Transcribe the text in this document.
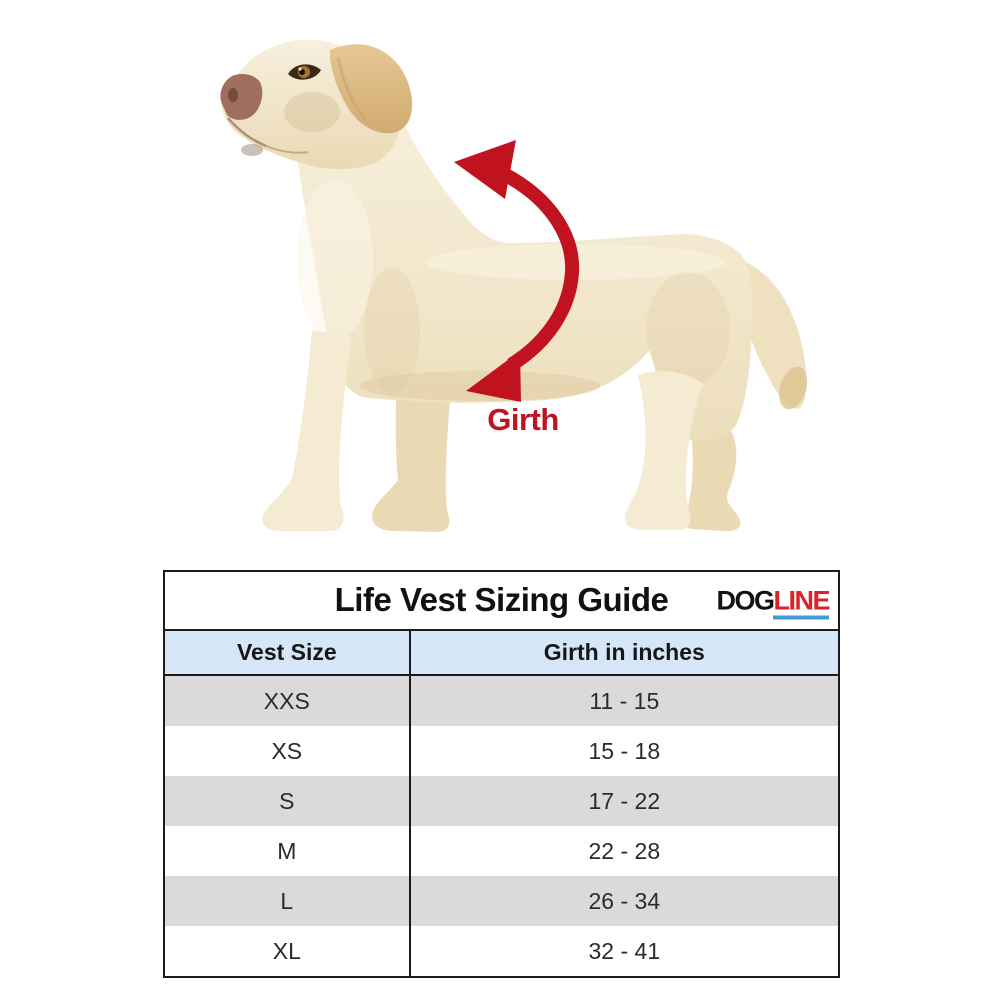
Girth
Life Vest Sizing Guide	DOGLINE
Vest Size	Girth in inches
XXS	11 - 15
XS	15 - 18
S	17 - 22
M	22 - 28
L	26 - 34
XL	32 - 41
